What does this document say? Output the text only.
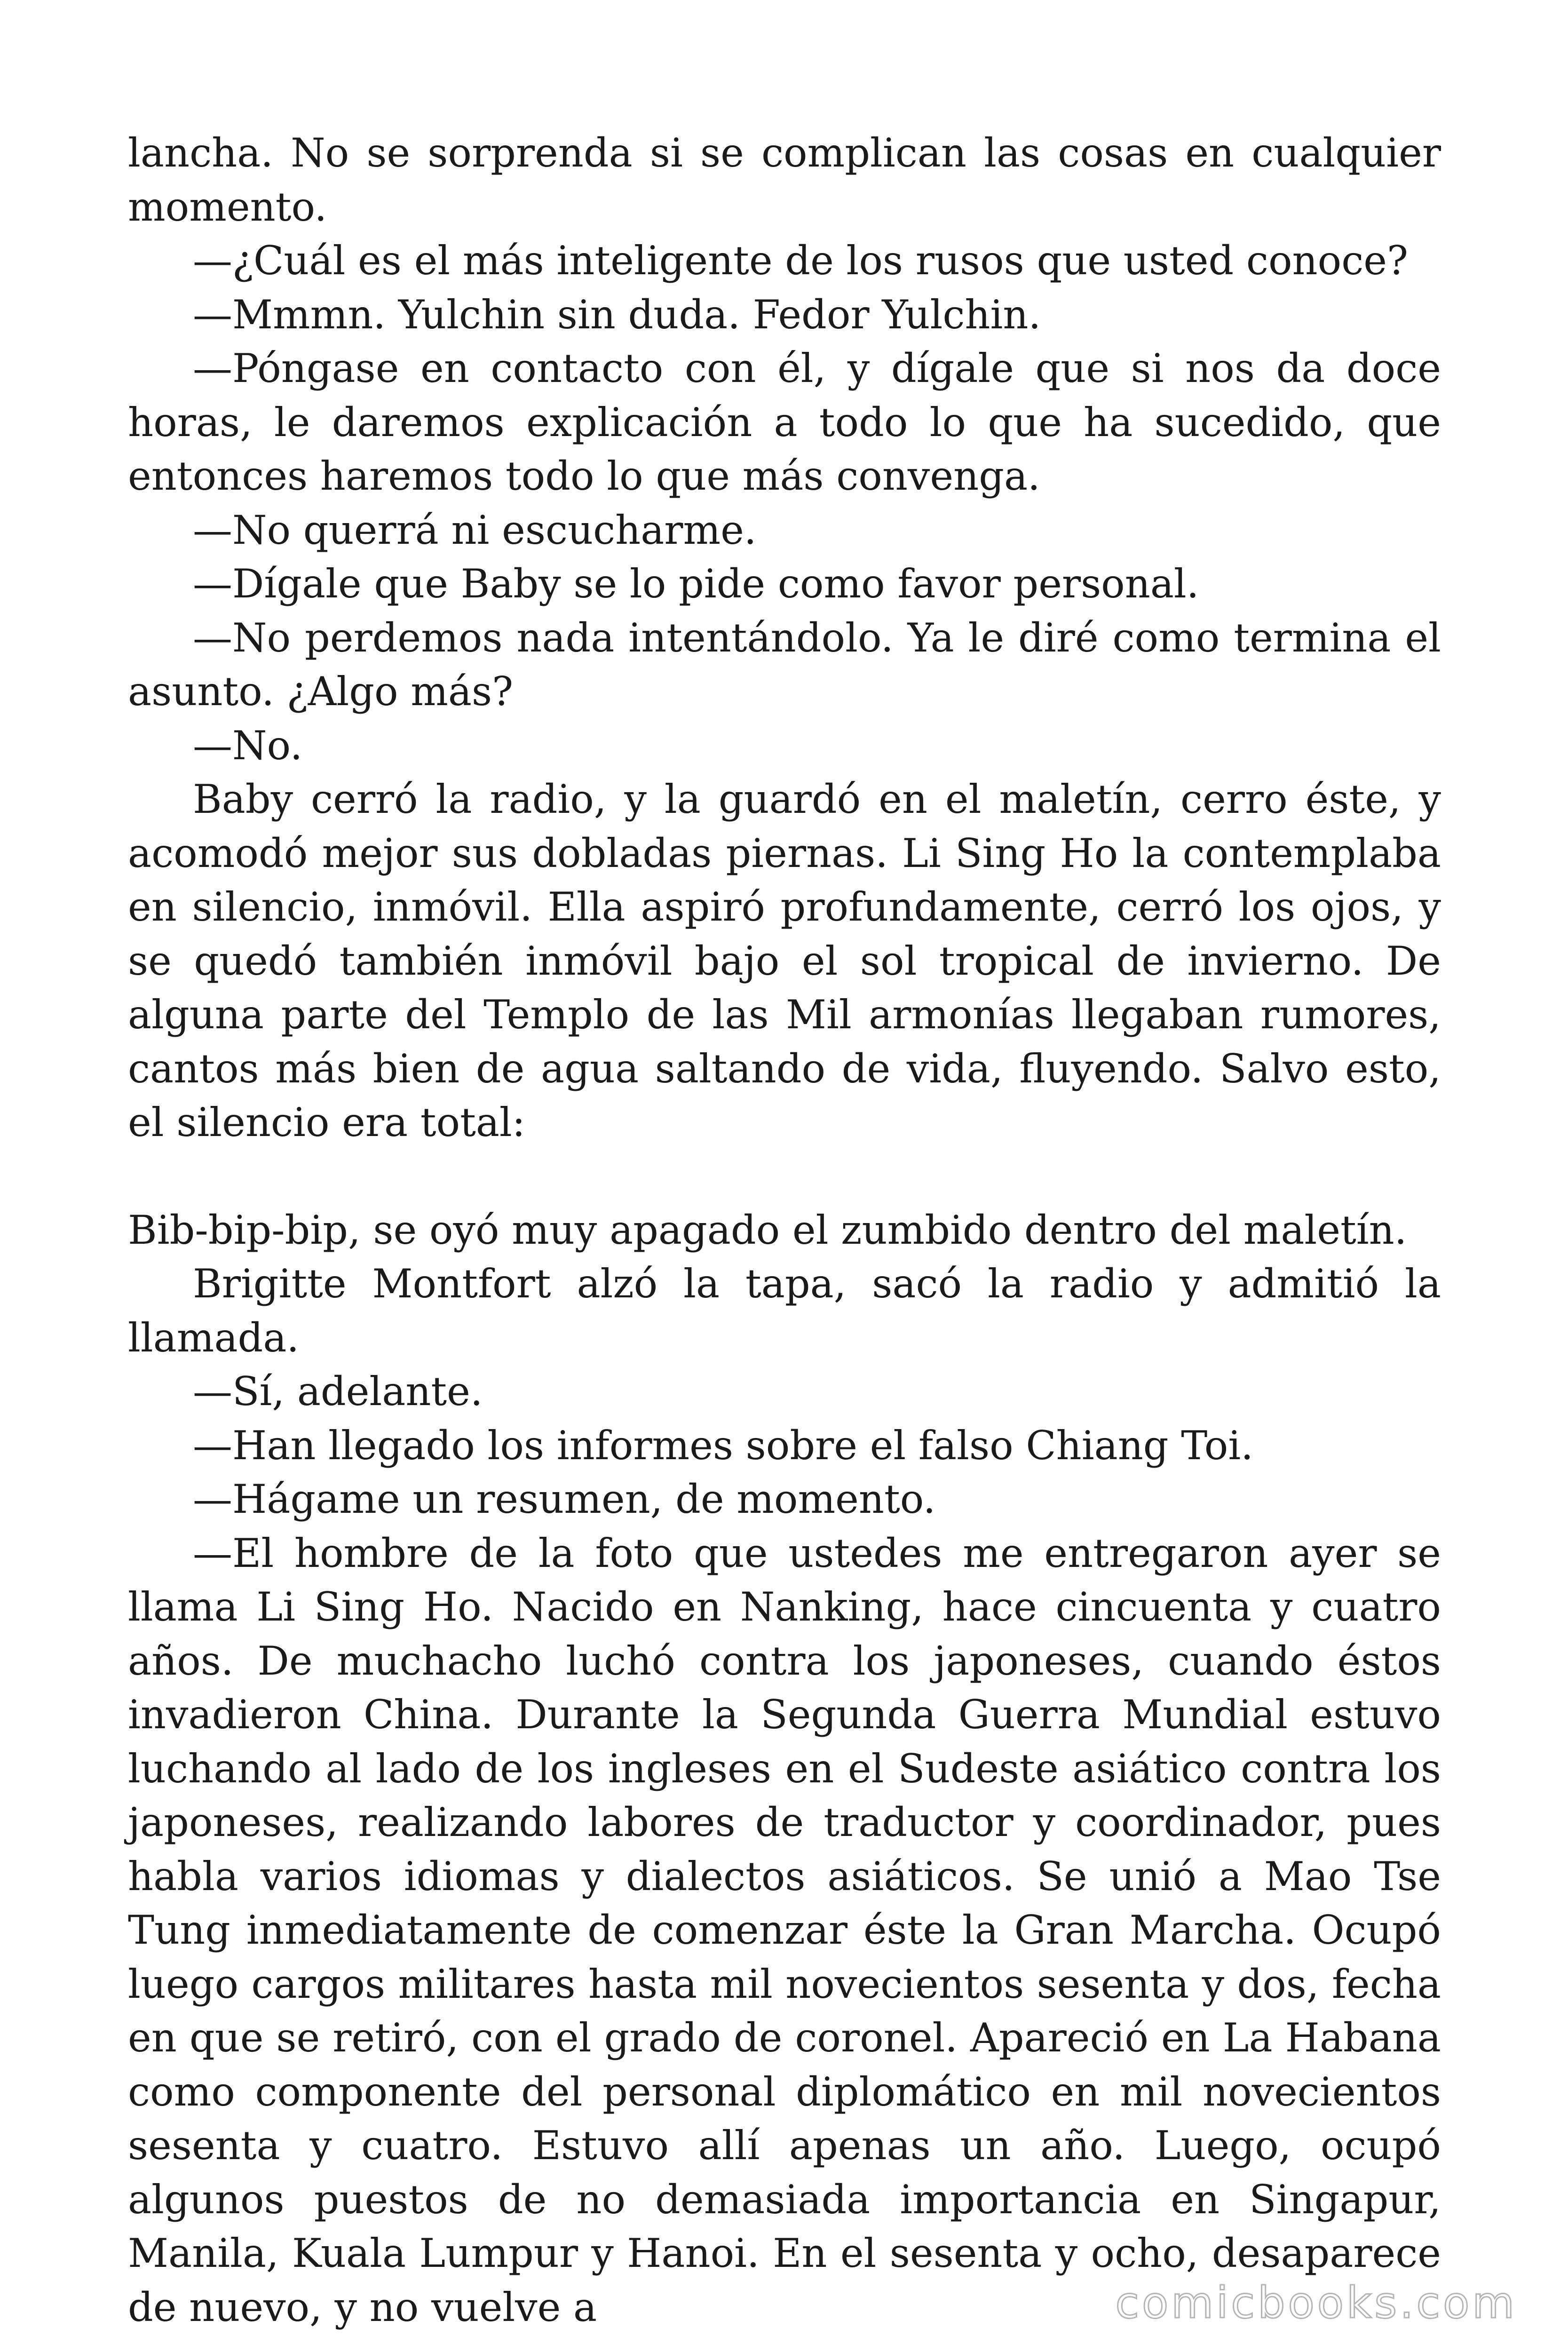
lancha. No se sorprenda si se complican las cosas en cualquier momento.

—¿Cuál es el más inteligente de los rusos que usted conoce?

—Mmmn. Yulchin sin duda. Fedor Yulchin.

—Póngase en contacto con él, y dígale que si nos da doce horas, le daremos explicación a todo lo que ha sucedido, que entonces haremos todo lo que más convenga.

—No querrá ni escucharme.

—Dígale que Baby se lo pide como favor personal.

—No perdemos nada intentándolo. Ya le diré como termina el asunto. ¿Algo más?

—No.

Baby cerró la radio, y la guardó en el maletín, cerro éste, y acomodó mejor sus dobladas piernas. Li Sing Ho la contemplaba en silencio, inmóvil. Ella aspiró profundamente, cerró los ojos, y se quedó también inmóvil bajo el sol tropical de invierno. De alguna parte del Templo de las Mil armonías llegaban rumores, cantos más bien de agua saltando de vida, fluyendo. Salvo esto, el silencio era total:

Bib-bip-bip, se oyó muy apagado el zumbido dentro del maletín.

Brigitte Montfort alzó la tapa, sacó la radio y admitió la llamada.

—Sí, adelante.

—Han llegado los informes sobre el falso Chiang Toi.

—Hágame un resumen, de momento.

—El hombre de la foto que ustedes me entregaron ayer se llama Li Sing Ho. Nacido en Nanking, hace cincuenta y cuatro años. De muchacho luchó contra los japoneses, cuando éstos invadieron China. Durante la Segunda Guerra Mundial estuvo luchando al lado de los ingleses en el Sudeste asiático contra los japoneses, realizando labores de traductor y coordinador, pues habla varios idiomas y dialectos asiáticos. Se unió a Mao Tse Tung inmediatamente de comenzar éste la Gran Marcha. Ocupó luego cargos militares hasta mil novecientos sesenta y dos, fecha en que se retiró, con el grado de coronel. Apareció en La Habana como componente del personal diplomático en mil novecientos sesenta y cuatro. Estuvo allí apenas un año. Luego, ocupó algunos puestos de no demasiada importancia en Singapur, Manila, Kuala Lumpur y Hanoi. En el sesenta y ocho, desaparece de nuevo, y no vuelve a	comicbooks.com
